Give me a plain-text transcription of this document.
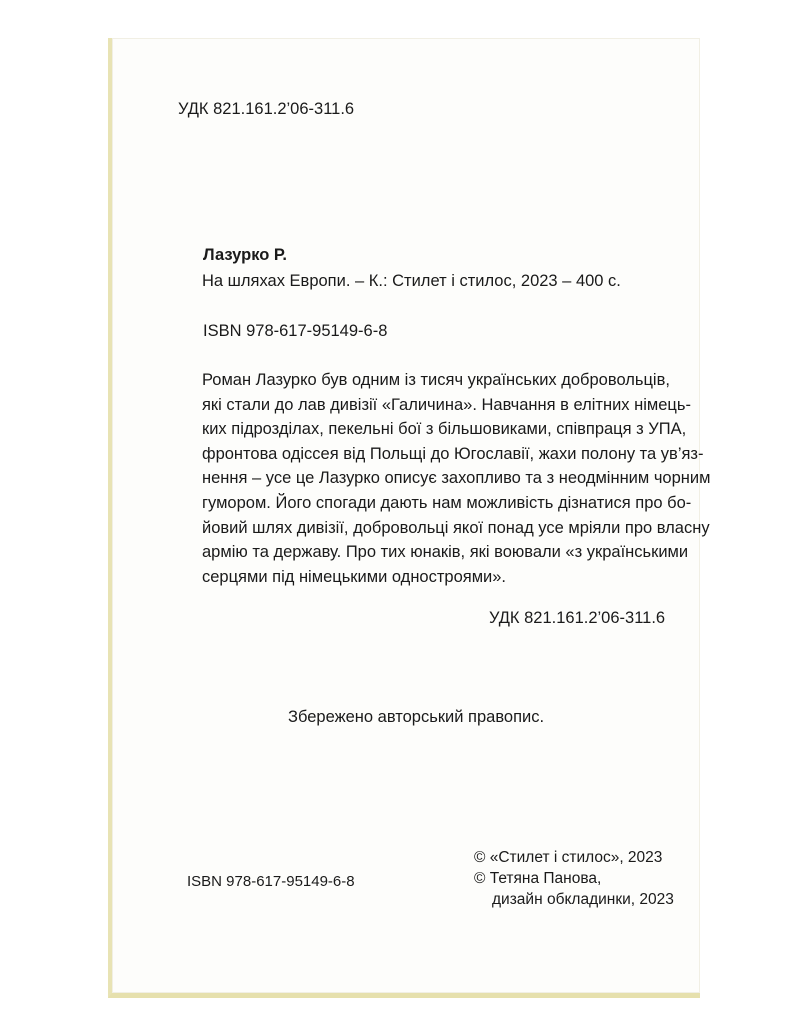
УДК 821.161.2’06-311.6
Лазурко Р.
На шляхах Европи. – К.: Стилет і стилос, 2023 – 400 с.
ISBN 978-617-95149-6-8
Роман Лазурко був одним із тисяч українських добровольців,
які стали до лав дивізії «Галичина». Навчання в елітних німець-
ких підрозділах, пекельні бої з більшовиками, співпраця з УПА,
фронтова одіссея від Польщі до Югославії, жахи полону та ув’яз-
нення – усе це Лазурко описує захопливо та з неодмінним чорним
гумором. Його спогади дають нам можливість дізнатися про бо-
йовий шлях дивізії, добровольці якої понад усе мріяли про власну
армію та державу. Про тих юнаків, які воювали «з українськими
серцями під німецькими одностроями».
УДК 821.161.2’06-311.6
Збережено авторський правопис.
ISBN 978-617-95149-6-8
© «Стилет і стилос», 2023
© Тетяна Панова,
дизайн обкладинки, 2023
